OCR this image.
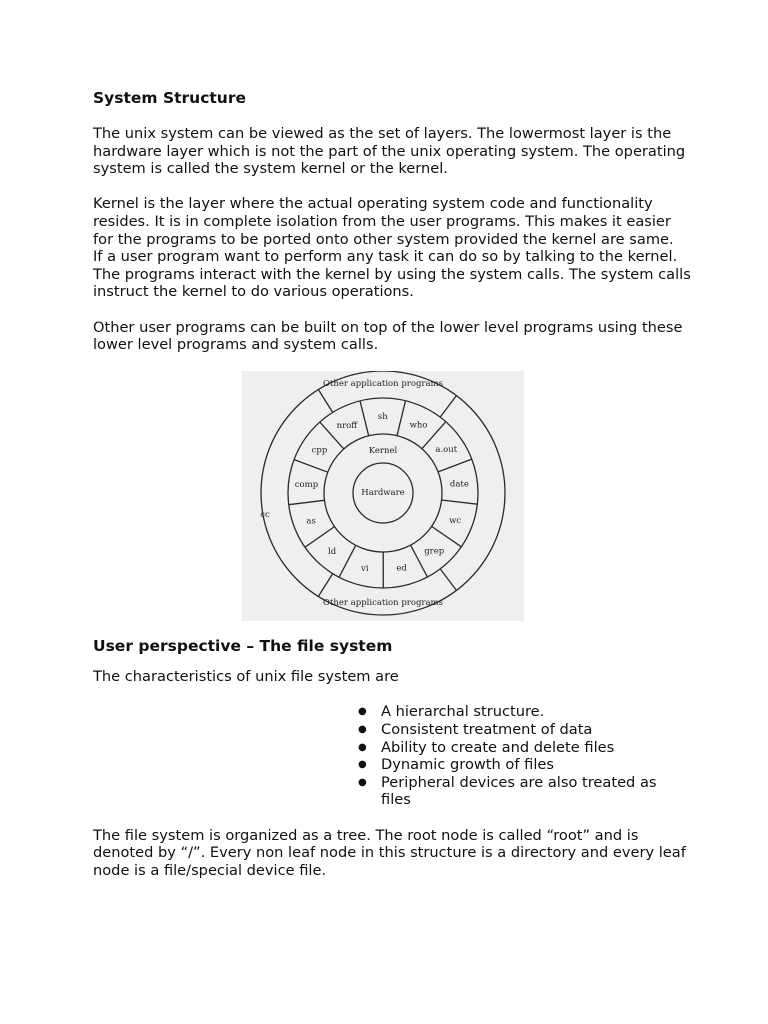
System Structure

The unix system can be viewed as the set of layers. The lowermost layer is the hardware layer which is not the part of the unix operating system. The operating system is called the system kernel or the kernel.

Kernel is the layer where the actual operating system code and functionality resides. It is in complete isolation from the user programs. This makes it easier for the programs to be ported onto other system provided the kernel are same.

If a user program want to perform any task it can do so by talking to the kernel. The programs interact with the kernel by using the system calls. The system calls instruct the kernel to do various operations.

Other user programs can be built on top of the lower level programs using these lower level programs and system calls.

Other application programs
Other application programs
cc
Kernel
Hardware
sh
who
a.out
date
wc
grep
ed
vi
ld
as
comp
cpp
nroff
User perspective – The file system

The characteristics of unix file system are

● A hierarchal structure.
● Consistent treatment of data
● Ability to create and delete files
● Dynamic growth of files
● Peripheral devices are also treated as files

The file system is organized as a tree. The root node is called “root” and is denoted by “/”. Every non leaf node in this structure is a directory and every leaf node is a file/special device file.
